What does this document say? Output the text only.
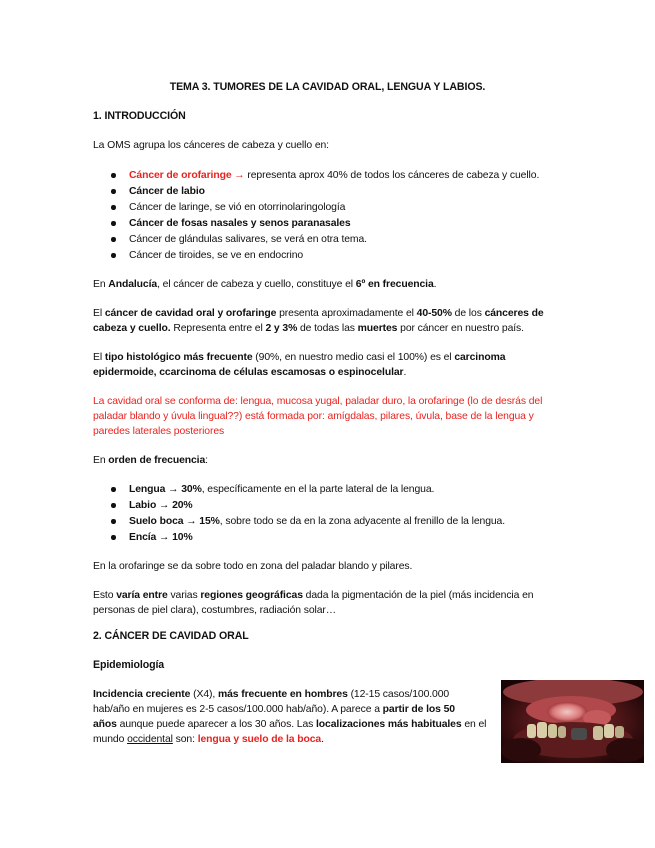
TEMA 3. TUMORES DE LA CAVIDAD ORAL, LENGUA Y LABIOS.
1. INTRODUCCIÓN
La OMS agrupa los cánceres de cabeza y cuello en:
Cáncer de orofaringe → representa aprox 40% de todos los cánceres de cabeza y cuello.
Cáncer de labio
Cáncer de laringe, se vió en otorrinolaringología
Cáncer de fosas nasales y senos paranasales
Cáncer de glándulas salivares, se verá en otra tema.
Cáncer de tiroides, se ve en endocrino
En Andalucía, el cáncer de cabeza y cuello, constituye el 6º en frecuencia.
El cáncer de cavidad oral y orofaringe presenta aproximadamente el 40-50% de los cánceres de
cabeza y cuello. Representa entre el 2 y 3% de todas las muertes por cáncer en nuestro país.
El tipo histológico más frecuente (90%, en nuestro medio casi el 100%) es el carcinoma
epidermoide, ccarcinoma de células escamosas o espinocelular.
La cavidad oral se conforma de: lengua, mucosa yugal, paladar duro, la orofaringe (lo de desrás del
paladar blando y úvula lingual??) está formada por: amígdalas, pilares, úvula, base de la lengua y
paredes laterales posteriores
En orden de frecuencia:
Lengua → 30%, específicamente en el la parte lateral de la lengua.
Labio → 20%
Suelo boca → 15%, sobre todo se da en la zona adyacente al frenillo de la lengua.
Encía → 10%
En la orofaringe se da sobre todo en zona del paladar blando y pilares.
Esto varía entre varias regiones geográficas dada la pigmentación de la piel (más incidencia en
personas de piel clara), costumbres, radiación solar…
2. CÁNCER DE CAVIDAD ORAL
Epidemiología
Incidencia creciente (X4), más frecuente en hombres (12-15 casos/100.000
hab/año en mujeres es 2-5 casos/100.000 hab/año). A parece a partir de los 50
años aunque puede aparecer a los 30 años. Las localizaciones más habituales en el
mundo occidental son: lengua y suelo de la boca.
